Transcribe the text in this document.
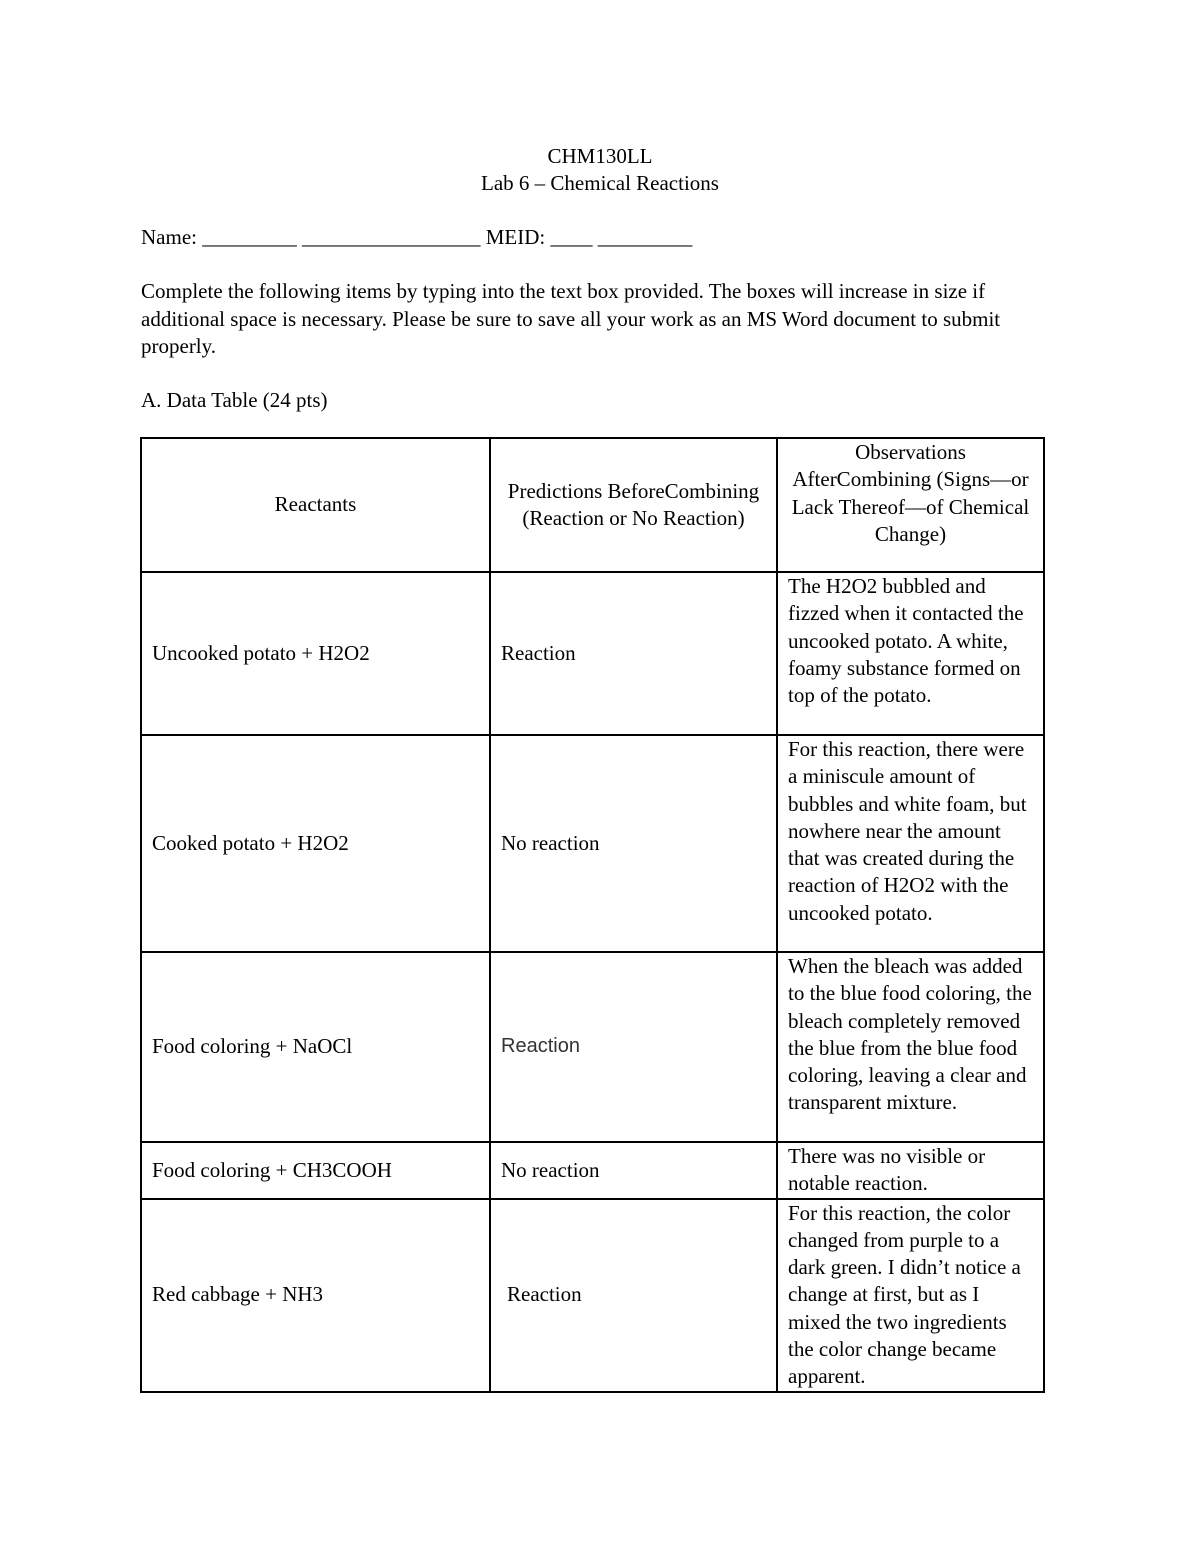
CHM130LL
Lab 6 – Chemical Reactions
Name: _________ _________________ MEID: ____ _________
Complete the following items by typing into the text box provided. The boxes will increase in size if additional space is necessary. Please be sure to save all your work as an MS Word document to submit properly.
A. Data Table (24 pts)
Reactants	Predictions BeforeCombining (Reaction or No Reaction)	Observations AfterCombining (Signs—or Lack Thereof—of Chemical Change)
Uncooked potato + H2O2	Reaction	The H2O2 bubbled and fizzed when it contacted the uncooked potato. A white, foamy substance formed on top of the potato.
Cooked potato + H2O2	No reaction	For this reaction, there were a miniscule amount of bubbles and white foam, but nowhere near the amount that was created during the reaction of H2O2 with the uncooked potato.
Food coloring + NaOCl	Reaction	When the bleach was added to the blue food coloring, the bleach completely removed the blue from the blue food coloring, leaving a clear and transparent mixture.
Food coloring + CH3COOH	No reaction	There was no visible or notable reaction.
Red cabbage + NH3	Reaction	For this reaction, the color changed from purple to a dark green. I didn’t notice a change at first, but as I mixed the two ingredients the color change became apparent.
